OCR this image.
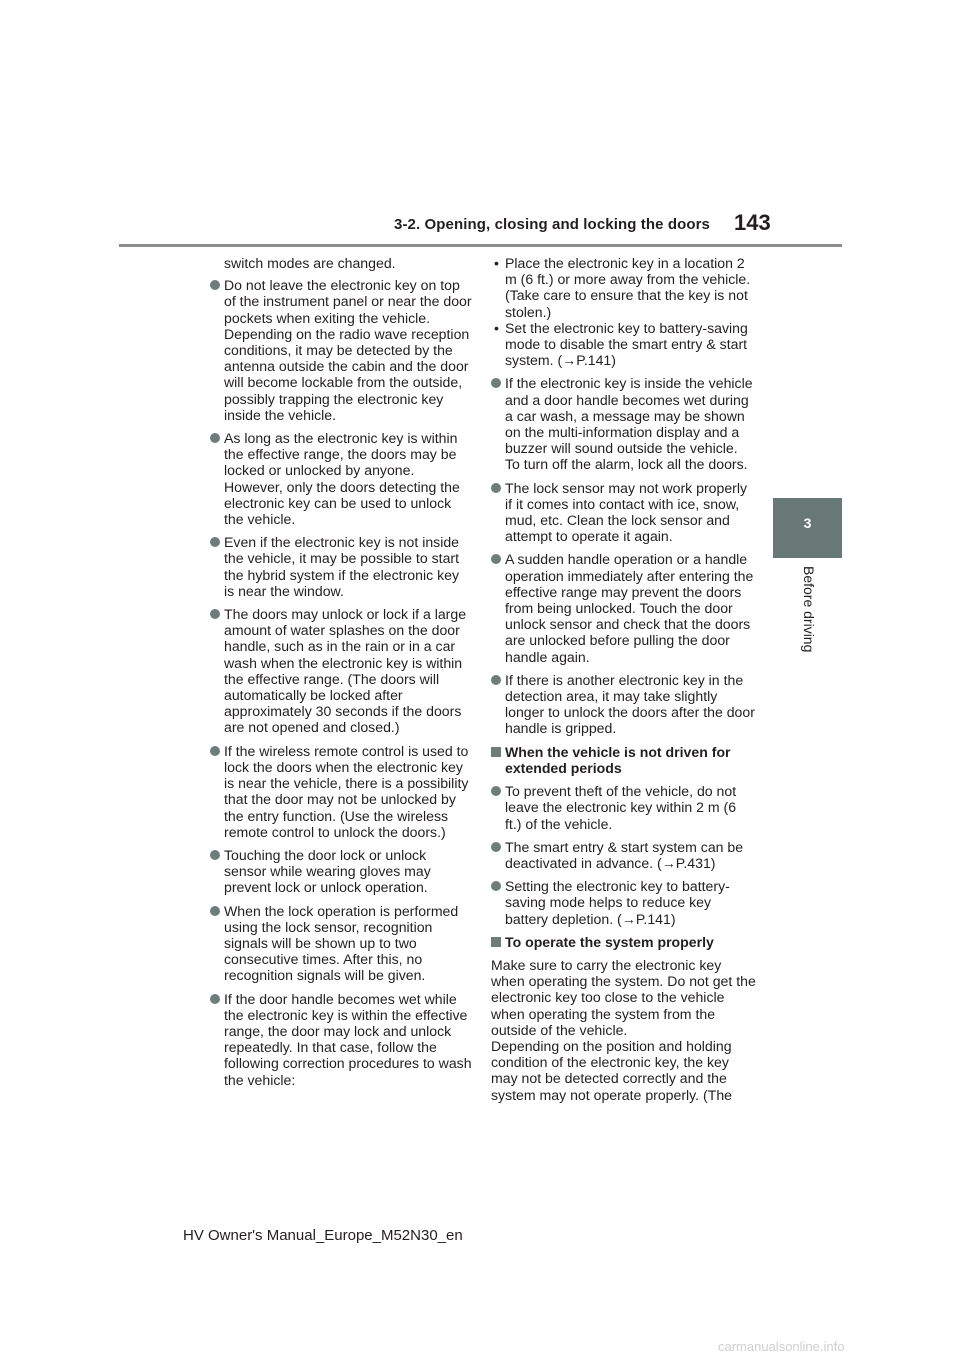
3-2. Opening, closing and locking the doors 143
3
Before driving

switch modes are changed.

Do not leave the electronic key on top of the instrument panel or near the door pockets when exiting the vehicle. Depending on the radio wave reception conditions, it may be detected by the antenna outside the cabin and the door will become lockable from the outside, possibly trapping the electronic key inside the vehicle.
As long as the electronic key is within the effective range, the doors may be locked or unlocked by anyone. However, only the doors detecting the electronic key can be used to unlock the vehicle.
Even if the electronic key is not inside the vehicle, it may be possible to start the hybrid system if the electronic key is near the window.
The doors may unlock or lock if a large amount of water splashes on the door handle, such as in the rain or in a car wash when the electronic key is within the effective range. (The doors will automatically be locked after approximately 30 seconds if the doors are not opened and closed.)
If the wireless remote control is used to lock the doors when the electronic key is near the vehicle, there is a possibility that the door may not be unlocked by the entry function. (Use the wireless remote control to unlock the doors.)
Touching the door lock or unlock sensor while wearing gloves may prevent lock or unlock operation.
When the lock operation is performed using the lock sensor, recognition signals will be shown up to two consecutive times. After this, no recognition signals will be given.
If the door handle becomes wet while the electronic key is within the effective range, the door may lock and unlock repeatedly. In that case, follow the following correction procedures to wash the vehicle:
• Place the electronic key in a location 2 m (6 ft.) or more away from the vehicle. (Take care to ensure that the key is not stolen.)
• Set the electronic key to battery-saving mode to disable the smart entry & start system. (→P.141)
If the electronic key is inside the vehicle and a door handle becomes wet during a car wash, a message may be shown on the multi-information display and a buzzer will sound outside the vehicle. To turn off the alarm, lock all the doors.
The lock sensor may not work properly if it comes into contact with ice, snow, mud, etc. Clean the lock sensor and attempt to operate it again.
A sudden handle operation or a handle operation immediately after entering the effective range may prevent the doors from being unlocked. Touch the door unlock sensor and check that the doors are unlocked before pulling the door handle again.
If there is another electronic key in the detection area, it may take slightly longer to unlock the doors after the door handle is gripped.
When the vehicle is not driven for extended periods
To prevent theft of the vehicle, do not leave the electronic key within 2 m (6 ft.) of the vehicle.
The smart entry & start system can be deactivated in advance. (→P.431)
Setting the electronic key to battery-saving mode helps to reduce key battery depletion. (→P.141)
To operate the system properly

Make sure to carry the electronic key when operating the system. Do not get the electronic key too close to the vehicle when operating the system from the outside of the vehicle.

Depending on the position and holding condition of the electronic key, the key may not be detected correctly and the system may not operate properly. (The

HV Owner's Manual_Europe_M52N30_en
carmanualsonline.info
